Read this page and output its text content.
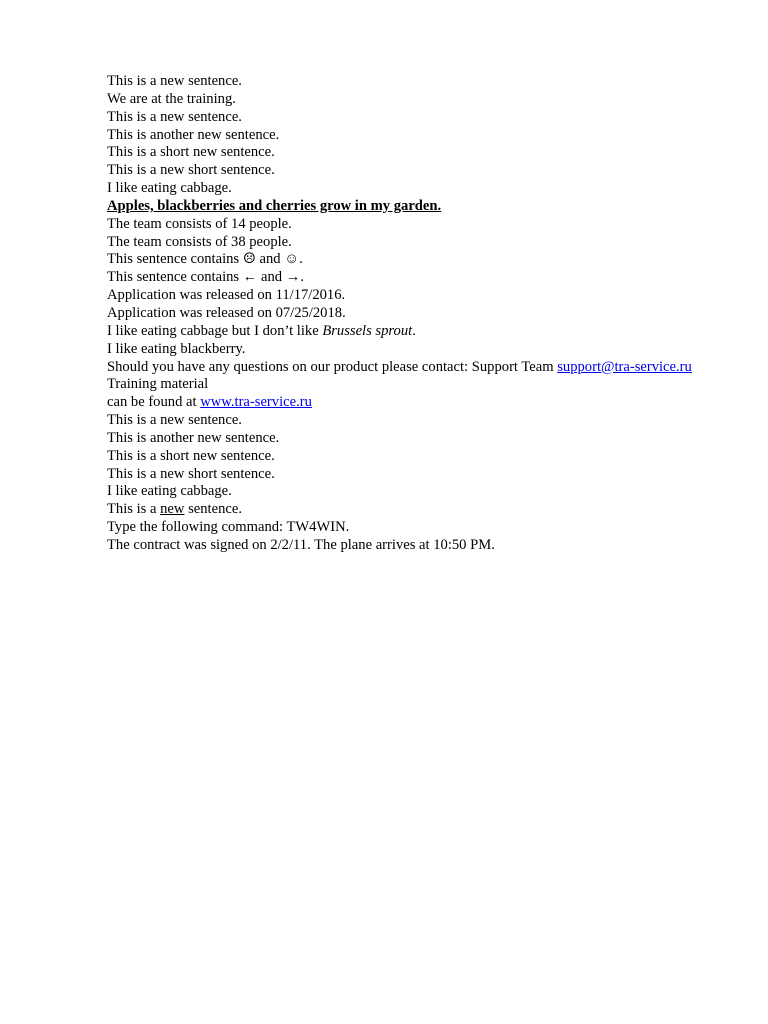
This is a new sentence.
We are at the training.
This is a new sentence.
This is another new sentence.
This is a short new sentence.
This is a new short sentence.
I like eating cabbage.
Apples, blackberries and cherries grow in my garden.
The team consists of 14 people.
The team consists of 38 people.
This sentence contains ☹ and ☺.
This sentence contains ← and →.
Application was released on 11/17/2016.
Application was released on 07/25/2018.
I like eating cabbage but I don’t like Brussels sprout.
I like eating blackberry.
Should you have any questions on our product please contact: Support Team support@tra-service.ru
Training material
can be found at www.tra-service.ru
This is a new sentence.
This is another new sentence.
This is a short new sentence.
This is a new short sentence.
I like eating cabbage.
This is a new sentence.
Type the following command: TW4WIN.
The contract was signed on 2/2/11. The plane arrives at 10:50 PM.
